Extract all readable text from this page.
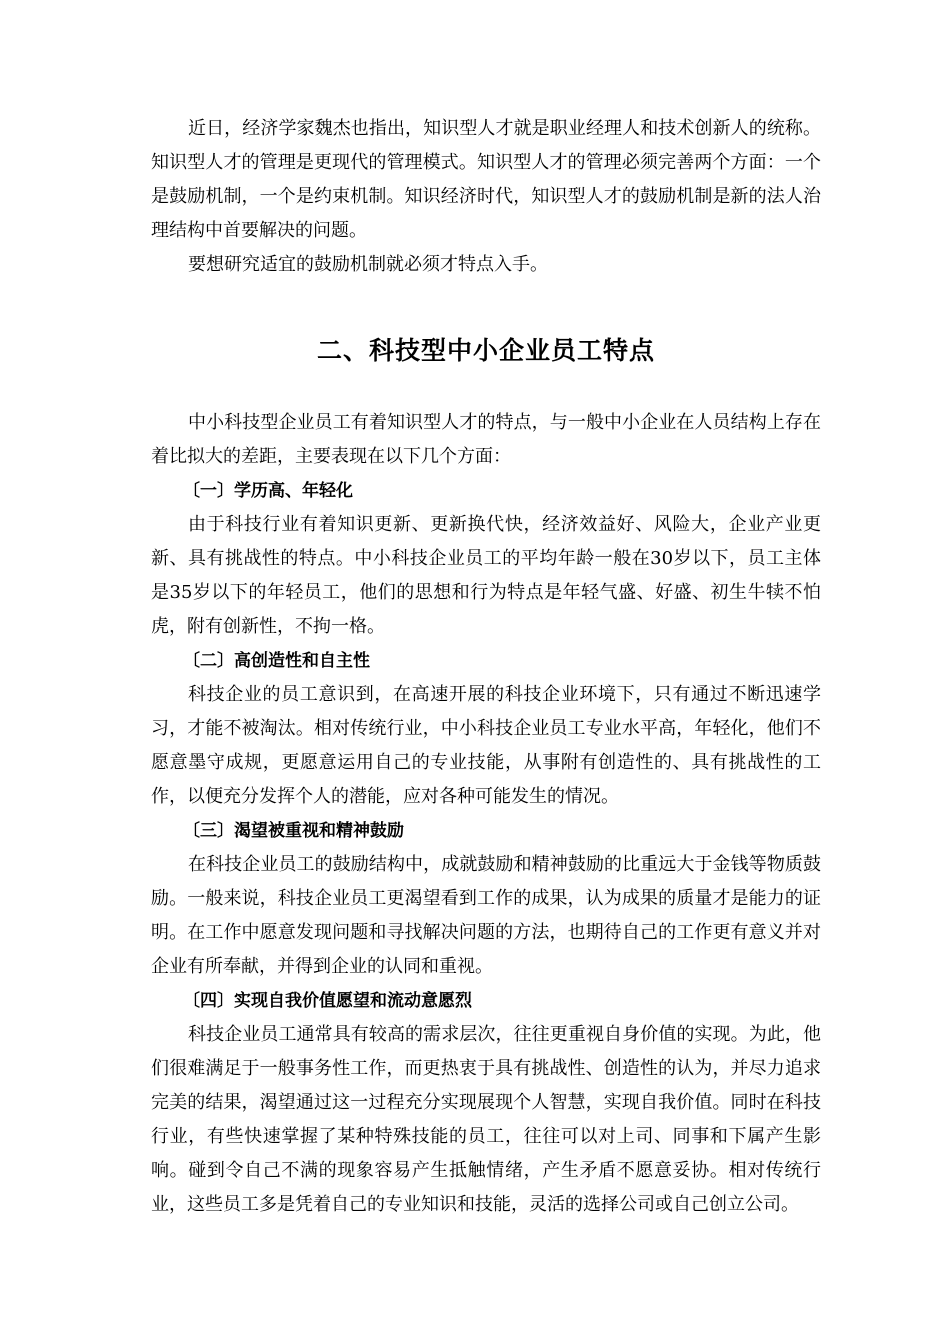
近日，经济学家魏杰也指出，知识型人才就是职业经理人和技术创新人的统称。知识型人才的管理是更现代的管理模式。知识型人才的管理必须完善两个方面：一个是鼓励机制，一个是约束机制。知识经济时代，知识型人才的鼓励机制是新的法人治理结构中首要解决的问题。

要想研究适宜的鼓励机制就必须才特点入手。

二、科技型中小企业员工特点

中小科技型企业员工有着知识型人才的特点，与一般中小企业在人员结构上存在着比拟大的差距，主要表现在以下几个方面：

〔一〕学历高、年轻化

由于科技行业有着知识更新、更新换代快，经济效益好、风险大，企业产业更新、具有挑战性的特点。中小科技企业员工的平均年龄一般在30岁以下，员工主体是35岁以下的年轻员工，他们的思想和行为特点是年轻气盛、好盛、初生牛犊不怕虎，附有创新性，不拘一格。

〔二〕高创造性和自主性

科技企业的员工意识到，在高速开展的科技企业环境下，只有通过不断迅速学习，才能不被淘汰。相对传统行业，中小科技企业员工专业水平高，年轻化，他们不愿意墨守成规，更愿意运用自己的专业技能，从事附有创造性的、具有挑战性的工作，以便充分发挥个人的潜能，应对各种可能发生的情况。

〔三〕渴望被重视和精神鼓励

在科技企业员工的鼓励结构中，成就鼓励和精神鼓励的比重远大于金钱等物质鼓励。一般来说，科技企业员工更渴望看到工作的成果，认为成果的质量才是能力的证明。在工作中愿意发现问题和寻找解决问题的方法，也期待自己的工作更有意义并对企业有所奉献，并得到企业的认同和重视。

〔四〕实现自我价值愿望和流动意愿烈

科技企业员工通常具有较高的需求层次，往往更重视自身价值的实现。为此，他们很难满足于一般事务性工作，而更热衷于具有挑战性、创造性的认为，并尽力追求完美的结果，渴望通过这一过程充分实现展现个人智慧，实现自我价值。同时在科技行业，有些快速掌握了某种特殊技能的员工，往往可以对上司、同事和下属产生影响。碰到令自己不满的现象容易产生抵触情绪，产生矛盾不愿意妥协。相对传统行业，这些员工多是凭着自己的专业知识和技能，灵活的选择公司或自己创立公司。
